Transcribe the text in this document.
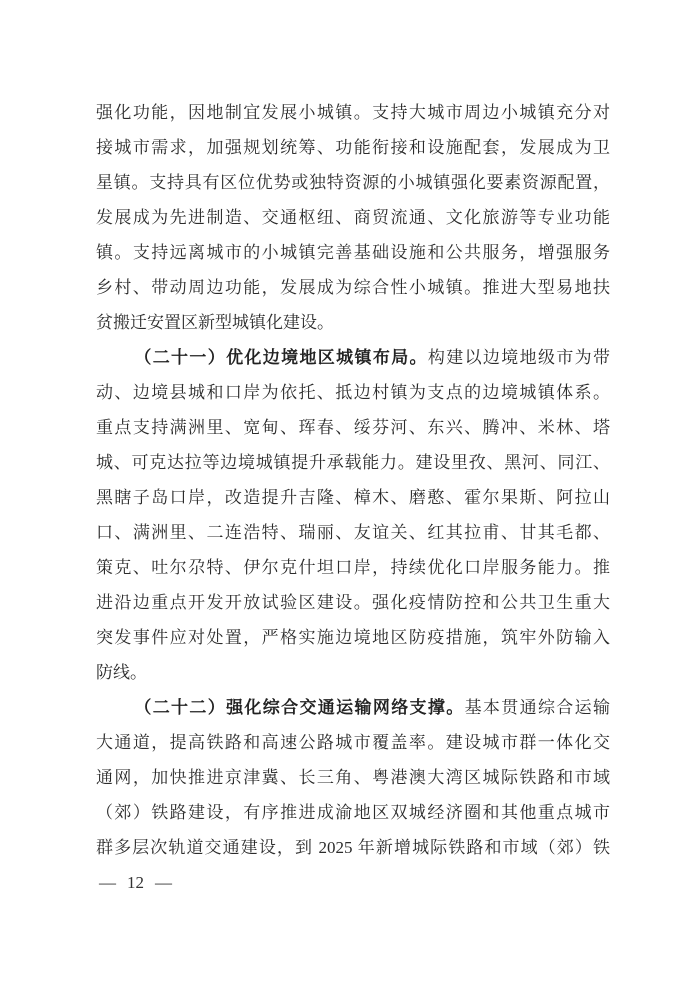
强化功能，因地制宜发展小城镇。支持大城市周边小城镇充分对
接城市需求，加强规划统筹、功能衔接和设施配套，发展成为卫
星镇。支持具有区位优势或独特资源的小城镇强化要素资源配置，
发展成为先进制造、交通枢纽、商贸流通、文化旅游等专业功能
镇。支持远离城市的小城镇完善基础设施和公共服务，增强服务
乡村、带动周边功能，发展成为综合性小城镇。推进大型易地扶
贫搬迁安置区新型城镇化建设。
（二十一）优化边境地区城镇布局。构建以边境地级市为带
动、边境县城和口岸为依托、抵边村镇为支点的边境城镇体系。
重点支持满洲里、宽甸、珲春、绥芬河、东兴、腾冲、米林、塔
城、可克达拉等边境城镇提升承载能力。建设里孜、黑河、同江、
黑瞎子岛口岸，改造提升吉隆、樟木、磨憨、霍尔果斯、阿拉山
口、满洲里、二连浩特、瑞丽、友谊关、红其拉甫、甘其毛都、
策克、吐尔尕特、伊尔克什坦口岸，持续优化口岸服务能力。推
进沿边重点开发开放试验区建设。强化疫情防控和公共卫生重大
突发事件应对处置，严格实施边境地区防疫措施，筑牢外防输入
防线。
（二十二）强化综合交通运输网络支撑。基本贯通综合运输
大通道，提高铁路和高速公路城市覆盖率。建设城市群一体化交
通网，加快推进京津冀、长三角、粤港澳大湾区城际铁路和市域
（郊）铁路建设，有序推进成渝地区双城经济圈和其他重点城市
群多层次轨道交通建设，到 2025 年新增城际铁路和市域（郊）铁
— 12 —
